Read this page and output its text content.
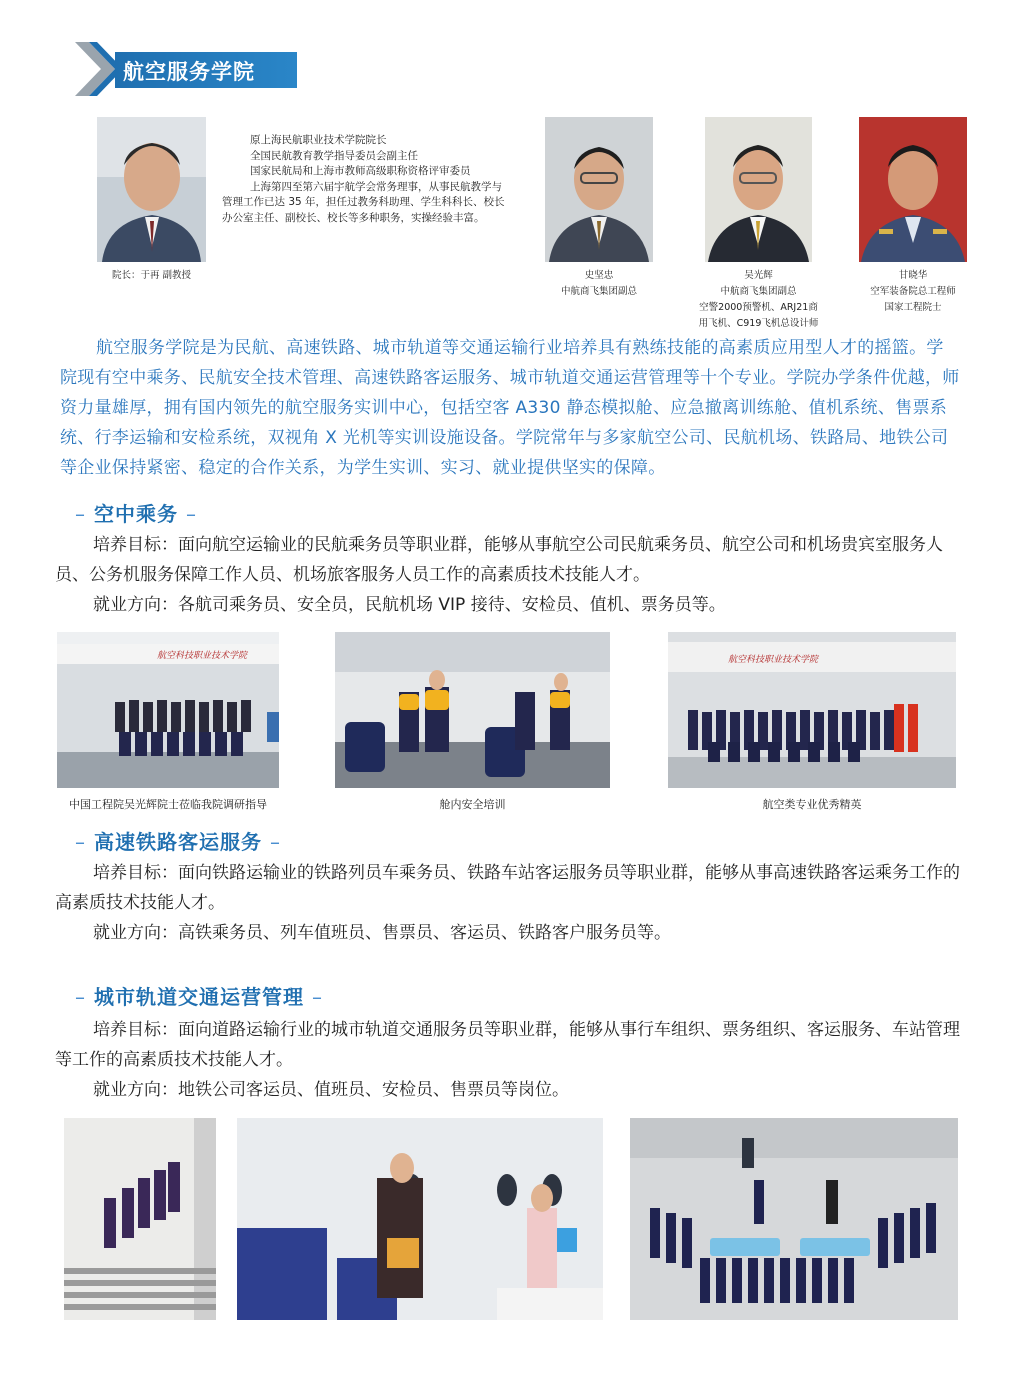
航空服务学院
院长：于再 副教授
原上海民航职业技术学院院长
全国民航教育教学指导委员会副主任
国家民航局和上海市教师高级职称资格评审委员
上海第四至第六届宇航学会常务理事，从事民航教学与管理工作已达 35 年，担任过教务科助理、学生科科长、校长办公室主任、副校长、校长等多种职务，实操经验丰富。
史坚忠
中航商飞集团副总
吴光辉
中航商飞集团副总
空警2000预警机、ARJ21商
用飞机、C919飞机总设计师
甘晓华
空军装备院总工程师
国家工程院士
航空服务学院是为民航、高速铁路、城市轨道等交通运输行业培养具有熟练技能的高素质应用型人才的摇篮。学院现有空中乘务、民航安全技术管理、高速铁路客运服务、城市轨道交通运营管理等十个专业。学院办学条件优越，师资力量雄厚，拥有国内领先的航空服务实训中心，包括空客 A330 静态模拟舱、应急撤离训练舱、值机系统、售票系统、行李运输和安检系统，双视角 X 光机等实训设施设备。学院常年与多家航空公司、民航机场、铁路局、地铁公司等企业保持紧密、稳定的合作关系，为学生实训、实习、就业提供坚实的保障。
– 空中乘务 –
培养目标：面向航空运输业的民航乘务员等职业群，能够从事航空公司民航乘务员、航空公司和机场贵宾室服务人员、公务机服务保障工作人员、机场旅客服务人员工作的高素质技术技能人才。
就业方向：各航司乘务员、安全员，民航机场 VIP 接待、安检员、值机、票务员等。
航空科技职业技术学院
中国工程院吴光辉院士莅临我院调研指导	舱内安全培训
航空科技职业技术学院
航空类专业优秀精英
– 高速铁路客运服务 –
培养目标：面向铁路运输业的铁路列员车乘务员、铁路车站客运服务员等职业群，能够从事高速铁路客运乘务工作的高素质技术技能人才。
就业方向：高铁乘务员、列车值班员、售票员、客运员、铁路客户服务员等。
– 城市轨道交通运营管理 –
培养目标：面向道路运输行业的城市轨道交通服务员等职业群，能够从事行车组织、票务组织、客运服务、车站管理等工作的高素质技术技能人才。
就业方向：地铁公司客运员、值班员、安检员、售票员等岗位。
